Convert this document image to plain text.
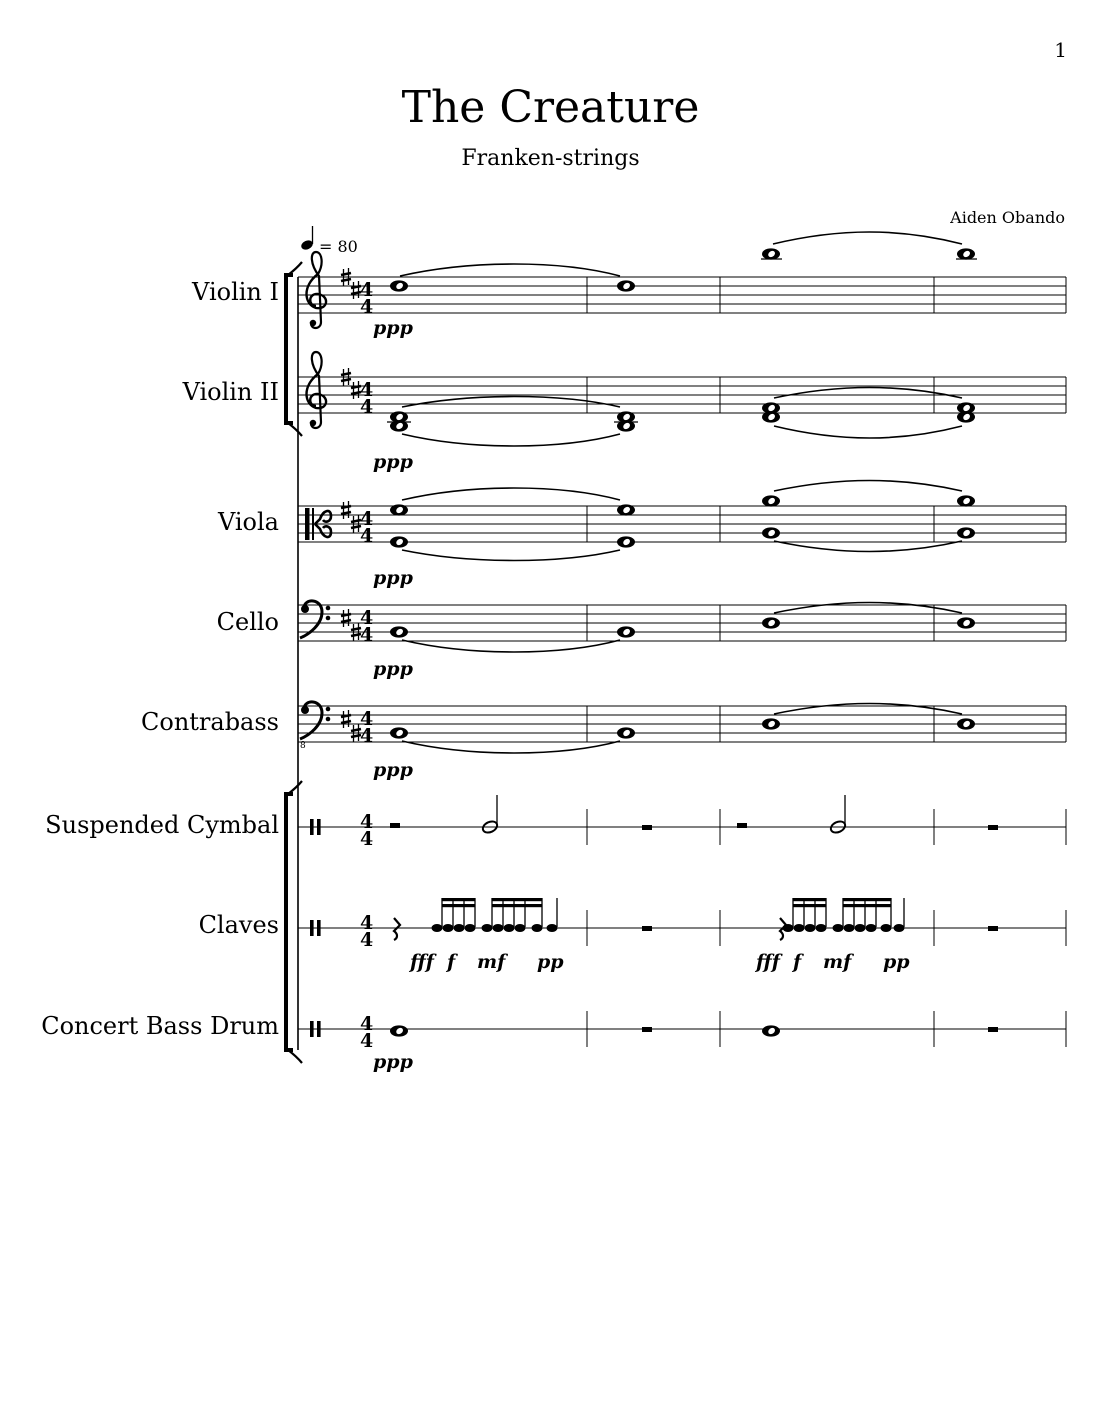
1
The Creature
Franken-strings
Aiden Obando
Violin I
Violin II
Viola
Cello
Contrabass
Suspended Cymbal
Claves
Concert Bass Drum
= 80
4
4
ppp
4
4
ppp
4
4
ppp
4
4
ppp
8
4
4
ppp
4
4
4
4
fff f mf pp	fff f mf pp
4
4
ppp
